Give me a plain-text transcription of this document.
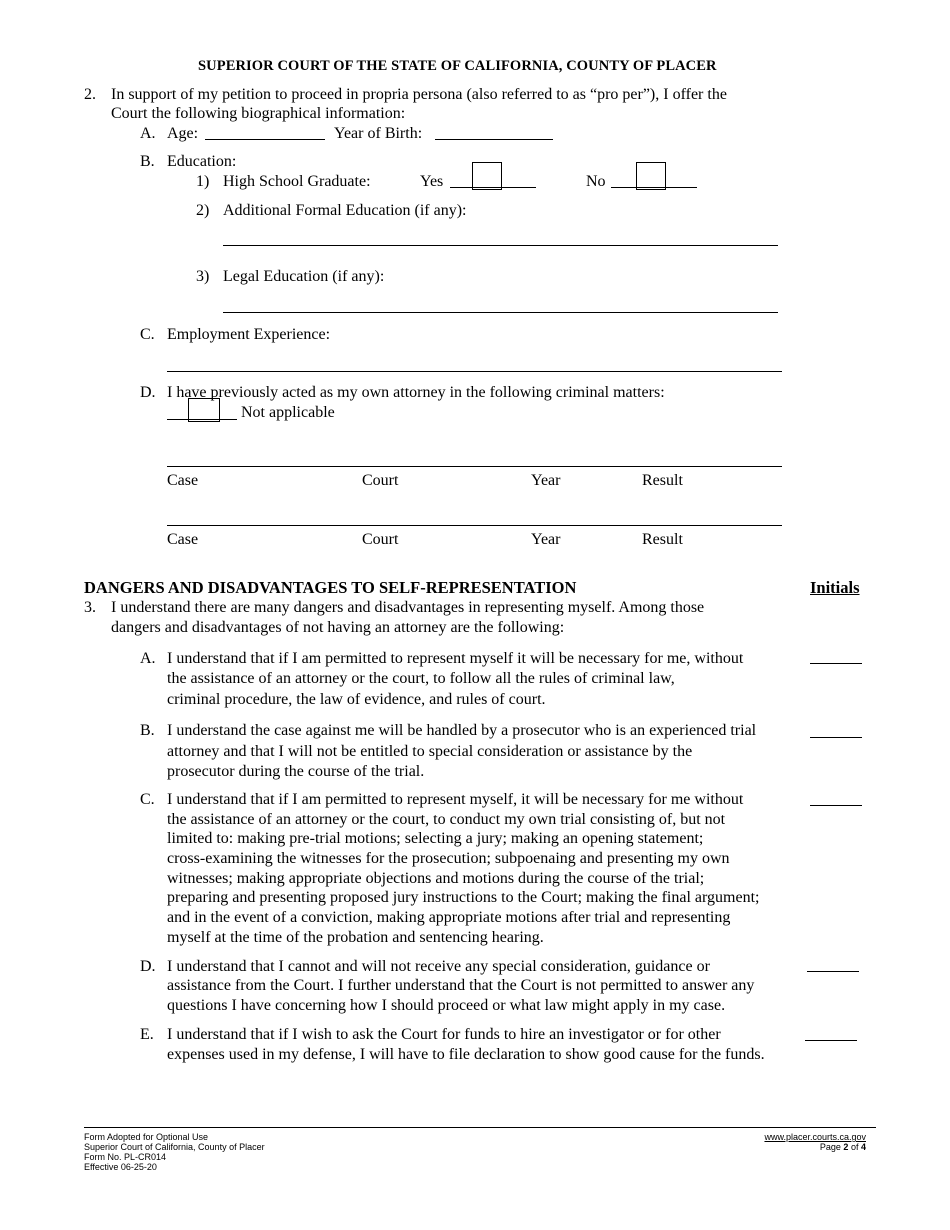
SUPERIOR COURT OF THE STATE OF CALIFORNIA, COUNTY OF PLACER
2. In support of my petition to proceed in propria persona (also referred to as “pro per”), I offer the
Court the following biographical information:
A. Age:	Year of Birth:
B. Education:
1) High School Graduate:	Yes	No
2) Additional Formal Education (if any):
3) Legal Education (if any):
C. Employment Experience:
D. I have previously acted as my own attorney in the following criminal matters:
Not applicable
Case	Court	Year	Result
Case	Court	Year	Result
DANGERS AND DISADVANTAGES TO SELF-REPRESENTATION	Initials
3. I understand there are many dangers and disadvantages in representing myself. Among those
dangers and disadvantages of not having an attorney are the following:
A. I understand that if I am permitted to represent myself it will be necessary for me, without
the assistance of an attorney or the court, to follow all the rules of criminal law,
criminal procedure, the law of evidence, and rules of court.
B. I understand the case against me will be handled by a prosecutor who is an experienced trial
attorney and that I will not be entitled to special consideration or assistance by the
prosecutor during the course of the trial.
C. I understand that if I am permitted to represent myself, it will be necessary for me without
the assistance of an attorney or the court, to conduct my own trial consisting of, but not
limited to: making pre-trial motions; selecting a jury; making an opening statement;
cross-examining the witnesses for the prosecution; subpoenaing and presenting my own
witnesses; making appropriate objections and motions during the course of the trial;
preparing and presenting proposed jury instructions to the Court; making the final argument;
and in the event of a conviction, making appropriate motions after trial and representing
myself at the time of the probation and sentencing hearing.
D. I understand that I cannot and will not receive any special consideration, guidance or
assistance from the Court. I further understand that the Court is not permitted to answer any
questions I have concerning how I should proceed or what law might apply in my case.
E. I understand that if I wish to ask the Court for funds to hire an investigator or for other
expenses used in my defense, I will have to file declaration to show good cause for the funds.
Form Adopted for Optional Use
Superior Court of California, County of Placer
Form No. PL-CR014
Effective 06-25-20
www.placer.courts.ca.gov
Page 2 of 4
